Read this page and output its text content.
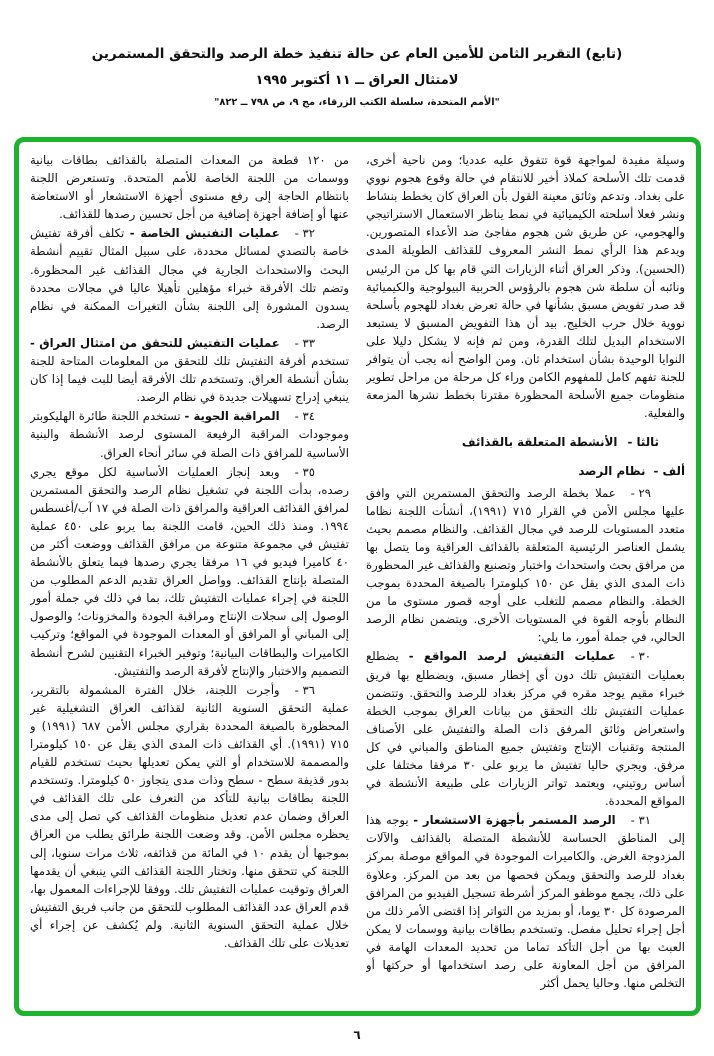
(تابع) التقرير الثامن للأمين العام عن حالة تنفيذ خطة الرصد والتحقق المستمرين
لامتثال العراق ــ ١١ أكتوبر ١٩٩٥
"الأمم المتحدة، سلسلة الكتب الزرقاء، مج ٩، ص ٧٩٨ ــ ٨٢٢"

وسيلة مفيدة لمواجهة قوة تتفوق عليه عدديا؛ ومن ناحية أخرى، قدمت تلك الأسلحة كملاذ أخير للانتقام في حالة وقوع هجوم نووي على بغداد. وتدعم وثائق معينة القول بأن العراق كان يخطط بنشاط ونشر فعلا أسلحته الكيميائية في نمط يناظر الاستعمال الاستراتيجي والهجومي، عن طريق شن هجوم مفاجئ ضد الأعداء المتصورين. ويدعم هذا الرأي نمط النشر المعروف للقذائف الطويلة المدى (الحسين). وذكر العراق أثناء الزيارات التي قام بها كل من الرئيس ونائبه أن سلطة شن هجوم بالرؤوس الحربية البيولوجية والكيميائية قد صدر تفويض مسبق بشأنها في حالة تعرض بغداد للهجوم بأسلحة نووية خلال حرب الخليج. بيد أن هذا التفويض المسبق لا يستبعد الاستخدام البديل لتلك القدرة، ومن ثم فإنه لا يشكل دليلا على النوايا الوحيدة بشأن استخدام ثان. ومن الواضح أنه يجب أن يتوافر للجنة تفهم كامل للمفهوم الكامن وراء كل مرحلة من مراحل تطوير منظومات جميع الأسلحة المحظورة مقترنا بخطط نشرها المزمعة والفعلية.

ثالثا -الأنشطة المتعلقة بالقذائف

ألف -نظام الرصد

٢٩ -عملا بخطة الرصد والتحقق المستمرين التي وافق عليها مجلس الأمن في القرار ٧١٥ (١٩٩١)، أنشأت اللجنة نظاما متعدد المستويات للرصد في مجال القذائف. والنظام مصمم بحيث يشمل العناصر الرئيسية المتعلقة بالقذائف العراقية وما يتصل بها من مرافق بحث واستحداث واختبار وتصنيع والقذائف غير المحظورة ذات المدى الذي يقل عن ١٥٠ كيلومترا بالصيغة المحددة بموجب الخطة. والنظام مصمم للتغلب على أوجه قصور مستوى ما من النظام بأوجه القوة في المستويات الأخرى. ويتضمن نظام الرصد الحالي، في جملة أمور، ما يلي:

٣٠ -عمليات التفتيش لرصد المواقع - يضطلع بعمليات التفتيش تلك دون أي إخطار مسبق، ويضطلع بها فريق خبراء مقيم يوجد مقره في مركز بغداد للرصد والتحقق. وتتضمن عمليات التفتيش تلك التحقق من بيانات العراق بموجب الخطة واستعراض وثائق المرفق ذات الصلة والتفتيش على الأصناف المنتجة وتقنيات الإنتاج وتفتيش جميع المناطق والمباني في كل مرفق. ويجري حاليا تفتيش ما يربو على ٣٠ مرفقا مختلفا على أساس روتيني، ويعتمد تواتر الزيارات على طبيعة الأنشطة في المواقع المحددة.

٣١ -الرصد المستمر بأجهزة الاستشعار - يوجه هذا إلى المناطق الحساسة للأنشطة المتصلة بالقذائف والآلات المزدوجة الغرض. والكاميرات الموجودة في المواقع موصلة بمركز بغداد للرصد والتحقق ويمكن فحصها من بعد من المركز. وعلاوة على ذلك، يجمع موظفو المركز أشرطة تسجيل الفيديو من المرافق المرصودة كل ٣٠ يوما، أو بمزيد من التواتر إذا اقتضى الأمر ذلك من أجل إجراء تحليل مفصل. وتستخدم بطاقات بيانية ووسمات لا يمكن العبث بها من أجل التأكد تماما من تحديد المعدات الهامة في المرافق من أجل المعاونة على رصد استخدامها أو حركتها أو التخلص منها. وحاليا يحمل أكثر

من ١٢٠ قطعة من المعدات المتصلة بالقذائف بطاقات بيانية ووسمات من اللجنة الخاصة للأمم المتحدة. وتستعرض اللجنة بانتظام الحاجة إلى رفع مستوى أجهزة الاستشعار أو الاستعاضة عنها أو إضافة أجهزة إضافية من أجل تحسين رصدها للقذائف.

٣٢ -عمليات التفتيش الخاصة - تكلف أفرقة تفتيش خاصة بالتصدي لمسائل محددة، على سبيل المثال تقييم أنشطة البحث والاستحداث الجارية في مجال القذائف غير المحظورة. وتضم تلك الأفرقة خبراء مؤهلين تأهيلا عاليا في مجالات محددة يسدون المشورة إلى اللجنة بشأن التغيرات الممكنة في نظام الرصد.

٣٣ -عمليات التفتيش للتحقق من امتثال العراق - تستخدم أفرقة التفتيش تلك للتحقق من المعلومات المتاحة للجنة بشأن أنشطة العراق. وتستخدم تلك الأفرقة أيضا للبت فيما إذا كان ينبغي إدراج تسهيلات جديدة في نظام الرصد.

٣٤ -المراقبة الجوية - تستخدم اللجنة طائرة الهليكوبتر وموجودات المراقبة الرفيعة المستوى لرصد الأنشطة والبنية الأساسية للمرافق ذات الصلة في سائر أنحاء العراق.

٣٥ -وبعد إنجاز العمليات الأساسية لكل موقع يجري رصده، بدأت اللجنة في تشغيل نظام الرصد والتحقق المستمرين لمرافق القذائف العراقية والمرافق ذات الصلة في ١٧ آب/أغسطس ١٩٩٤. ومنذ ذلك الحين، قامت اللجنة بما يربو على ٤٥٠ عملية تفتيش في مجموعة متنوعة من مرافق القذائف ووضعت أكثر من ٤٠ كاميرا فيديو في ١٦ مرفقا يجري رصدها فيما يتعلق بالأنشطة المتصلة بإنتاج القذائف. وواصل العراق تقديم الدعم المطلوب من اللجنة في إجراء عمليات التفتيش تلك، بما في ذلك في جملة أمور الوصول إلى سجلات الإنتاج ومراقبة الجودة والمخزونات؛ والوصول إلى المباني أو المرافق أو المعدات الموجودة في المواقع؛ وتركيب الكاميرات والبطاقات البيانية؛ وتوفير الخبراء التقنيين لشرح أنشطة التصميم والاختبار والإنتاج لأفرقة الرصد والتفتيش.

٣٦ -وأجرت اللجنة، خلال الفترة المشمولة بالتقرير، عملية التحقق السنوية الثانية لقذائف العراق التشغيلية غير المحظورة بالصيغة المحددة بقراري مجلس الأمن ٦٨٧ (١٩٩١) و ٧١٥ (١٩٩١). أي القذائف ذات المدى الذي يقل عن ١٥٠ كيلومترا والمصممة للاستخدام أو التي يمكن تعديلها بحيث تستخدم للقيام بدور قذيفة سطح - سطح وذات مدى يتجاوز ٥٠ كيلومترا. وتستخدم اللجنة بطاقات بيانية للتأكد من التعرف على تلك القذائف في العراق وضمان عدم تعديل منظومات القذائف كي تصل إلى مدى يحظره مجلس الأمن. وقد وضعت اللجنة طرائق يطلب من العراق بموجبها أن يقدم ١٠ في المائة من قذائفه، ثلاث مرات سنويا، إلى اللجنة كي تتحقق منها. وتختار اللجنة القذائف التي ينبغي أن يقدمها العراق وتوقيت عمليات التفتيش تلك. ووفقا للإجراءات المعمول بها، قدم العراق عدد القذائف المطلوب للتحقق من جانب فريق التفتيش خلال عملية التحقق السنوية الثانية. ولم يُكشف عن إجراء أي تعديلات على تلك القذائف.

٦
